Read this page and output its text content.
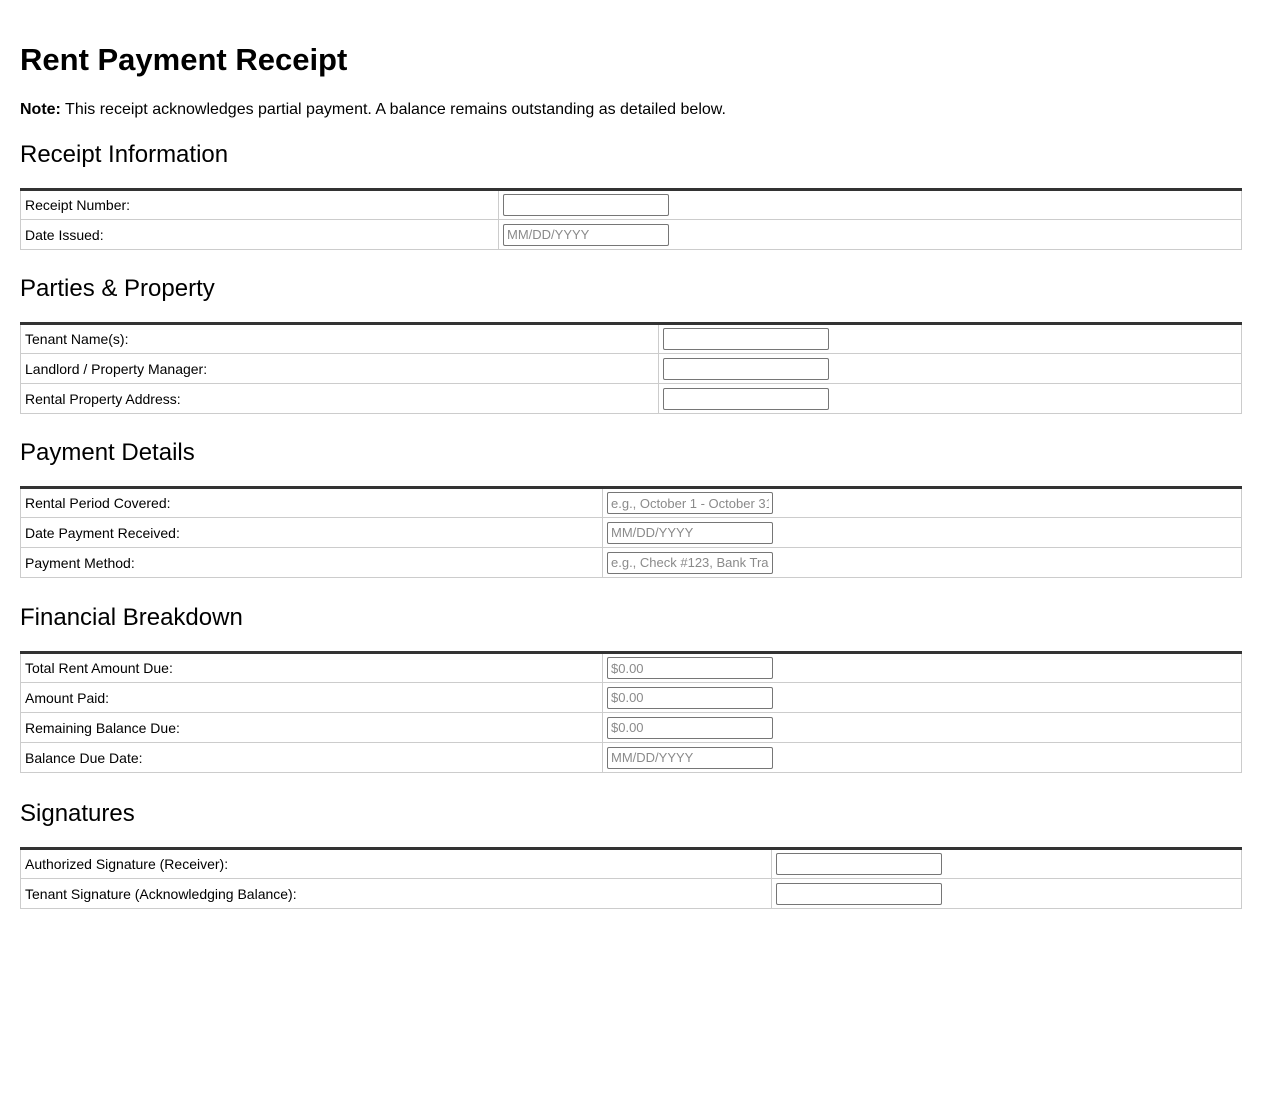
Rent Payment Receipt

Note: This receipt acknowledges partial payment. A balance remains outstanding as detailed below.

Receipt Information
Receipt Number:	

Date Issued:	
MM/DD/YYYY
Parties & Property
Tenant Name(s):	

Landlord / Property Manager:	

Rental Property Address:	
Payment Details
Rental Period Covered:	
e.g., October 1 - October 31
Date Payment Received:	
MM/DD/YYYY
Payment Method:	
e.g., Check #123, Bank Transfer
Financial Breakdown
Total Rent Amount Due:	
$0.00
Amount Paid:	
$0.00
Remaining Balance Due:	
$0.00
Balance Due Date:	
MM/DD/YYYY
Signatures
Authorized Signature (Receiver):	

Tenant Signature (Acknowledging Balance):	
